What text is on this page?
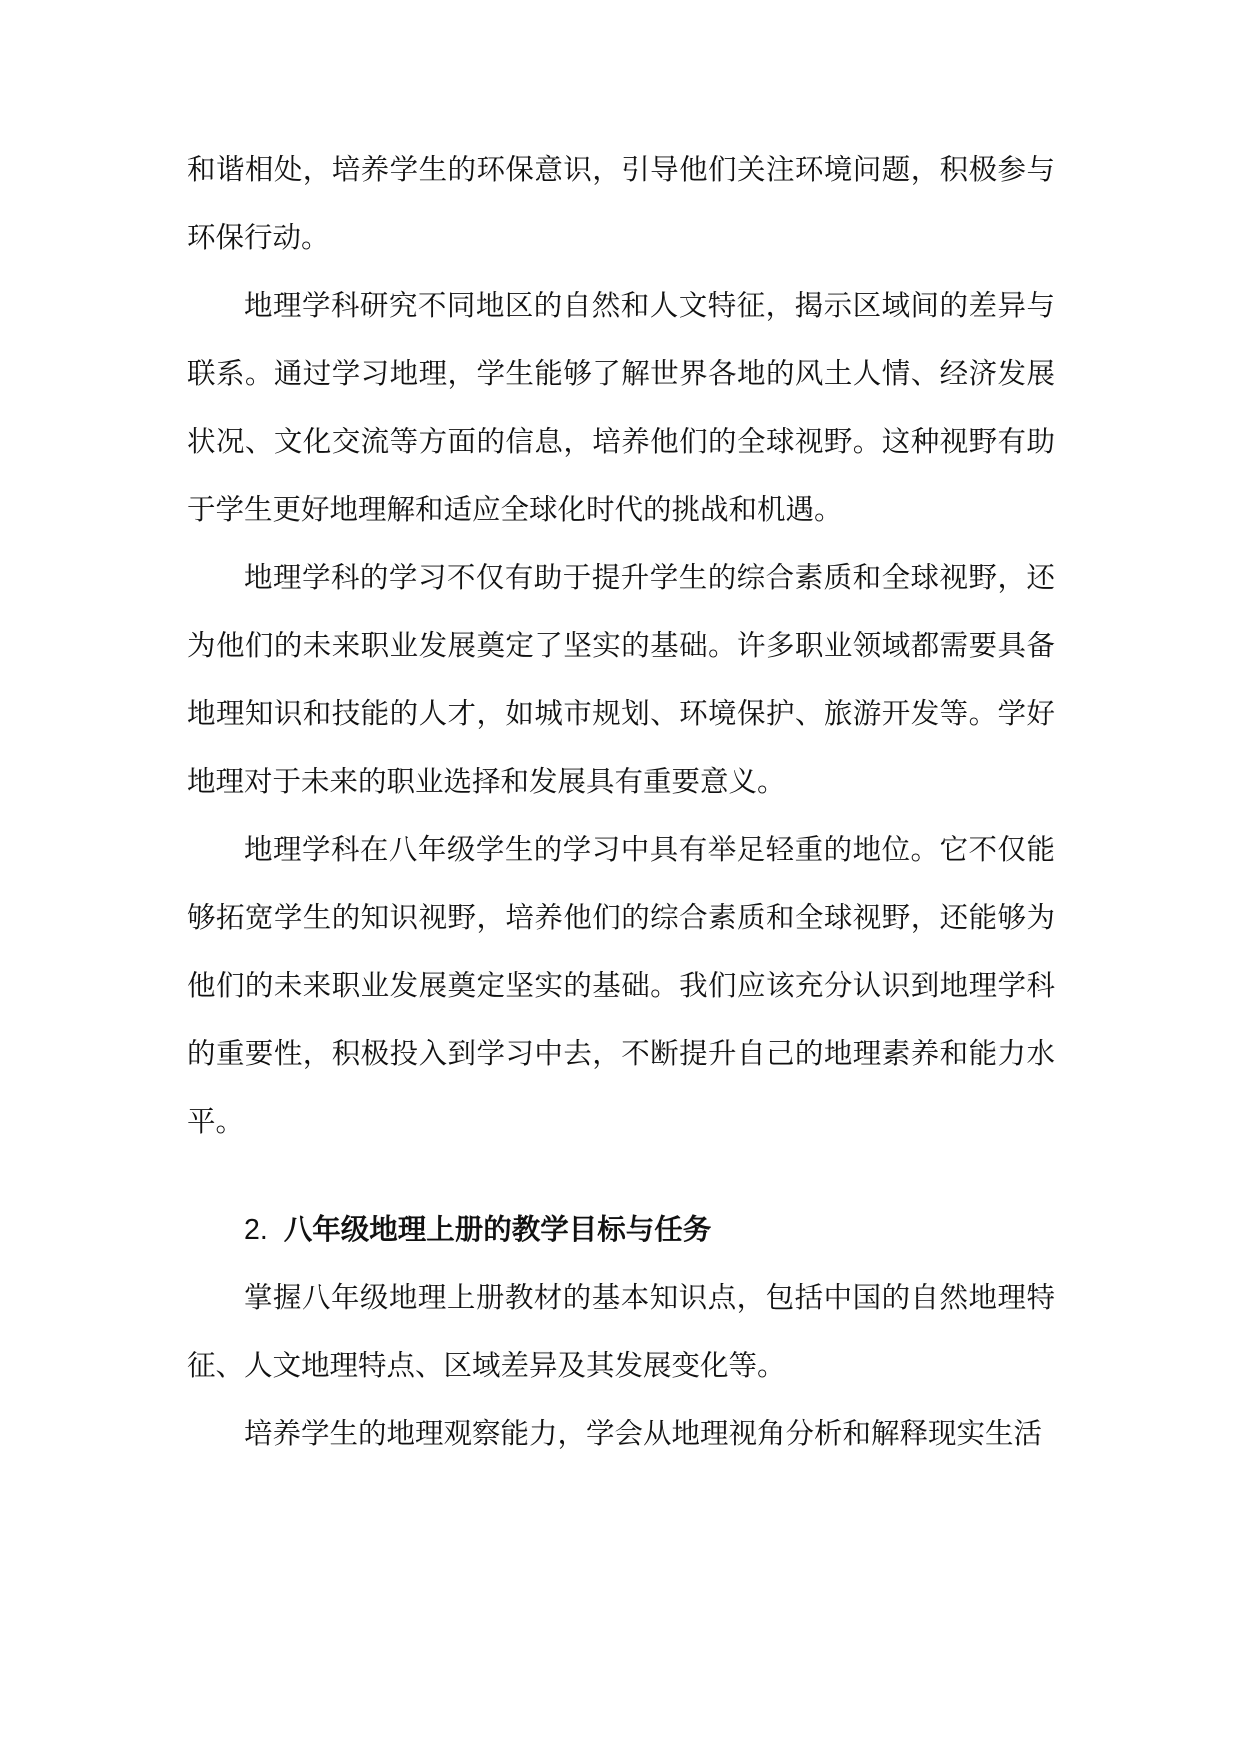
和谐相处，培养学生的环保意识，引导他们关注环境问题，积极参与环保行动。

地理学科研究不同地区的自然和人文特征，揭示区域间的差异与联系。通过学习地理，学生能够了解世界各地的风土人情、经济发展状况、文化交流等方面的信息，培养他们的全球视野。这种视野有助于学生更好地理解和适应全球化时代的挑战和机遇。

地理学科的学习不仅有助于提升学生的综合素质和全球视野，还为他们的未来职业发展奠定了坚实的基础。许多职业领域都需要具备地理知识和技能的人才，如城市规划、环境保护、旅游开发等。学好地理对于未来的职业选择和发展具有重要意义。

地理学科在八年级学生的学习中具有举足轻重的地位。它不仅能够拓宽学生的知识视野，培养他们的综合素质和全球视野，还能够为他们的未来职业发展奠定坚实的基础。我们应该充分认识到地理学科的重要性，积极投入到学习中去，不断提升自己的地理素养和能力水平。

2. 八年级地理上册的教学目标与任务

掌握八年级地理上册教材的基本知识点，包括中国的自然地理特征、人文地理特点、区域差异及其发展变化等。

培养学生的地理观察能力，学会从地理视角分析和解释现实生活
